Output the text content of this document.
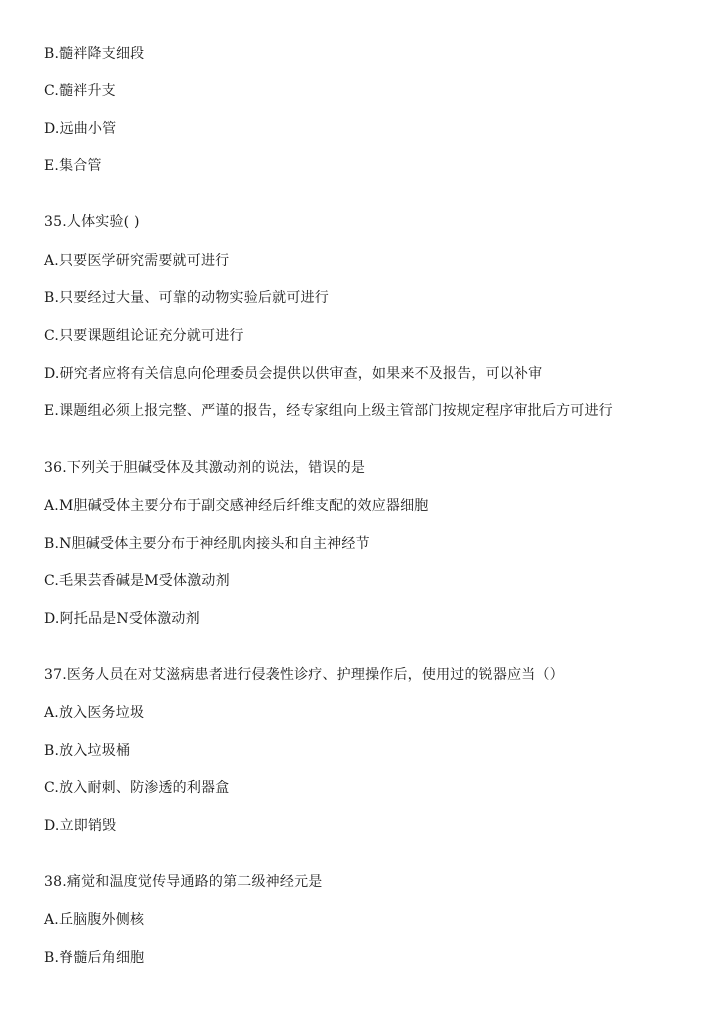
B.髓袢降支细段
C.髓袢升支
D.远曲小管
E.集合管
35.人体实验( )
A.只要医学研究需要就可进行
B.只要经过大量、可靠的动物实验后就可进行
C.只要课题组论证充分就可进行
D.研究者应将有关信息向伦理委员会提供以供审查，如果来不及报告，可以补审
E.课题组必须上报完整、严谨的报告，经专家组向上级主管部门按规定程序审批后方可进行
36.下列关于胆碱受体及其激动剂的说法，错误的是
A.M胆碱受体主要分布于副交感神经后纤维支配的效应器细胞
B.N胆碱受体主要分布于神经肌肉接头和自主神经节
C.毛果芸香碱是M受体激动剂
D.阿托品是N受体激动剂
37.医务人员在对艾滋病患者进行侵袭性诊疗、护理操作后，使用过的锐器应当（）
A.放入医务垃圾
B.放入垃圾桶
C.放入耐刺、防渗透的利器盒
D.立即销毁
38.痛觉和温度觉传导通路的第二级神经元是
A.丘脑腹外侧核
B.脊髓后角细胞
